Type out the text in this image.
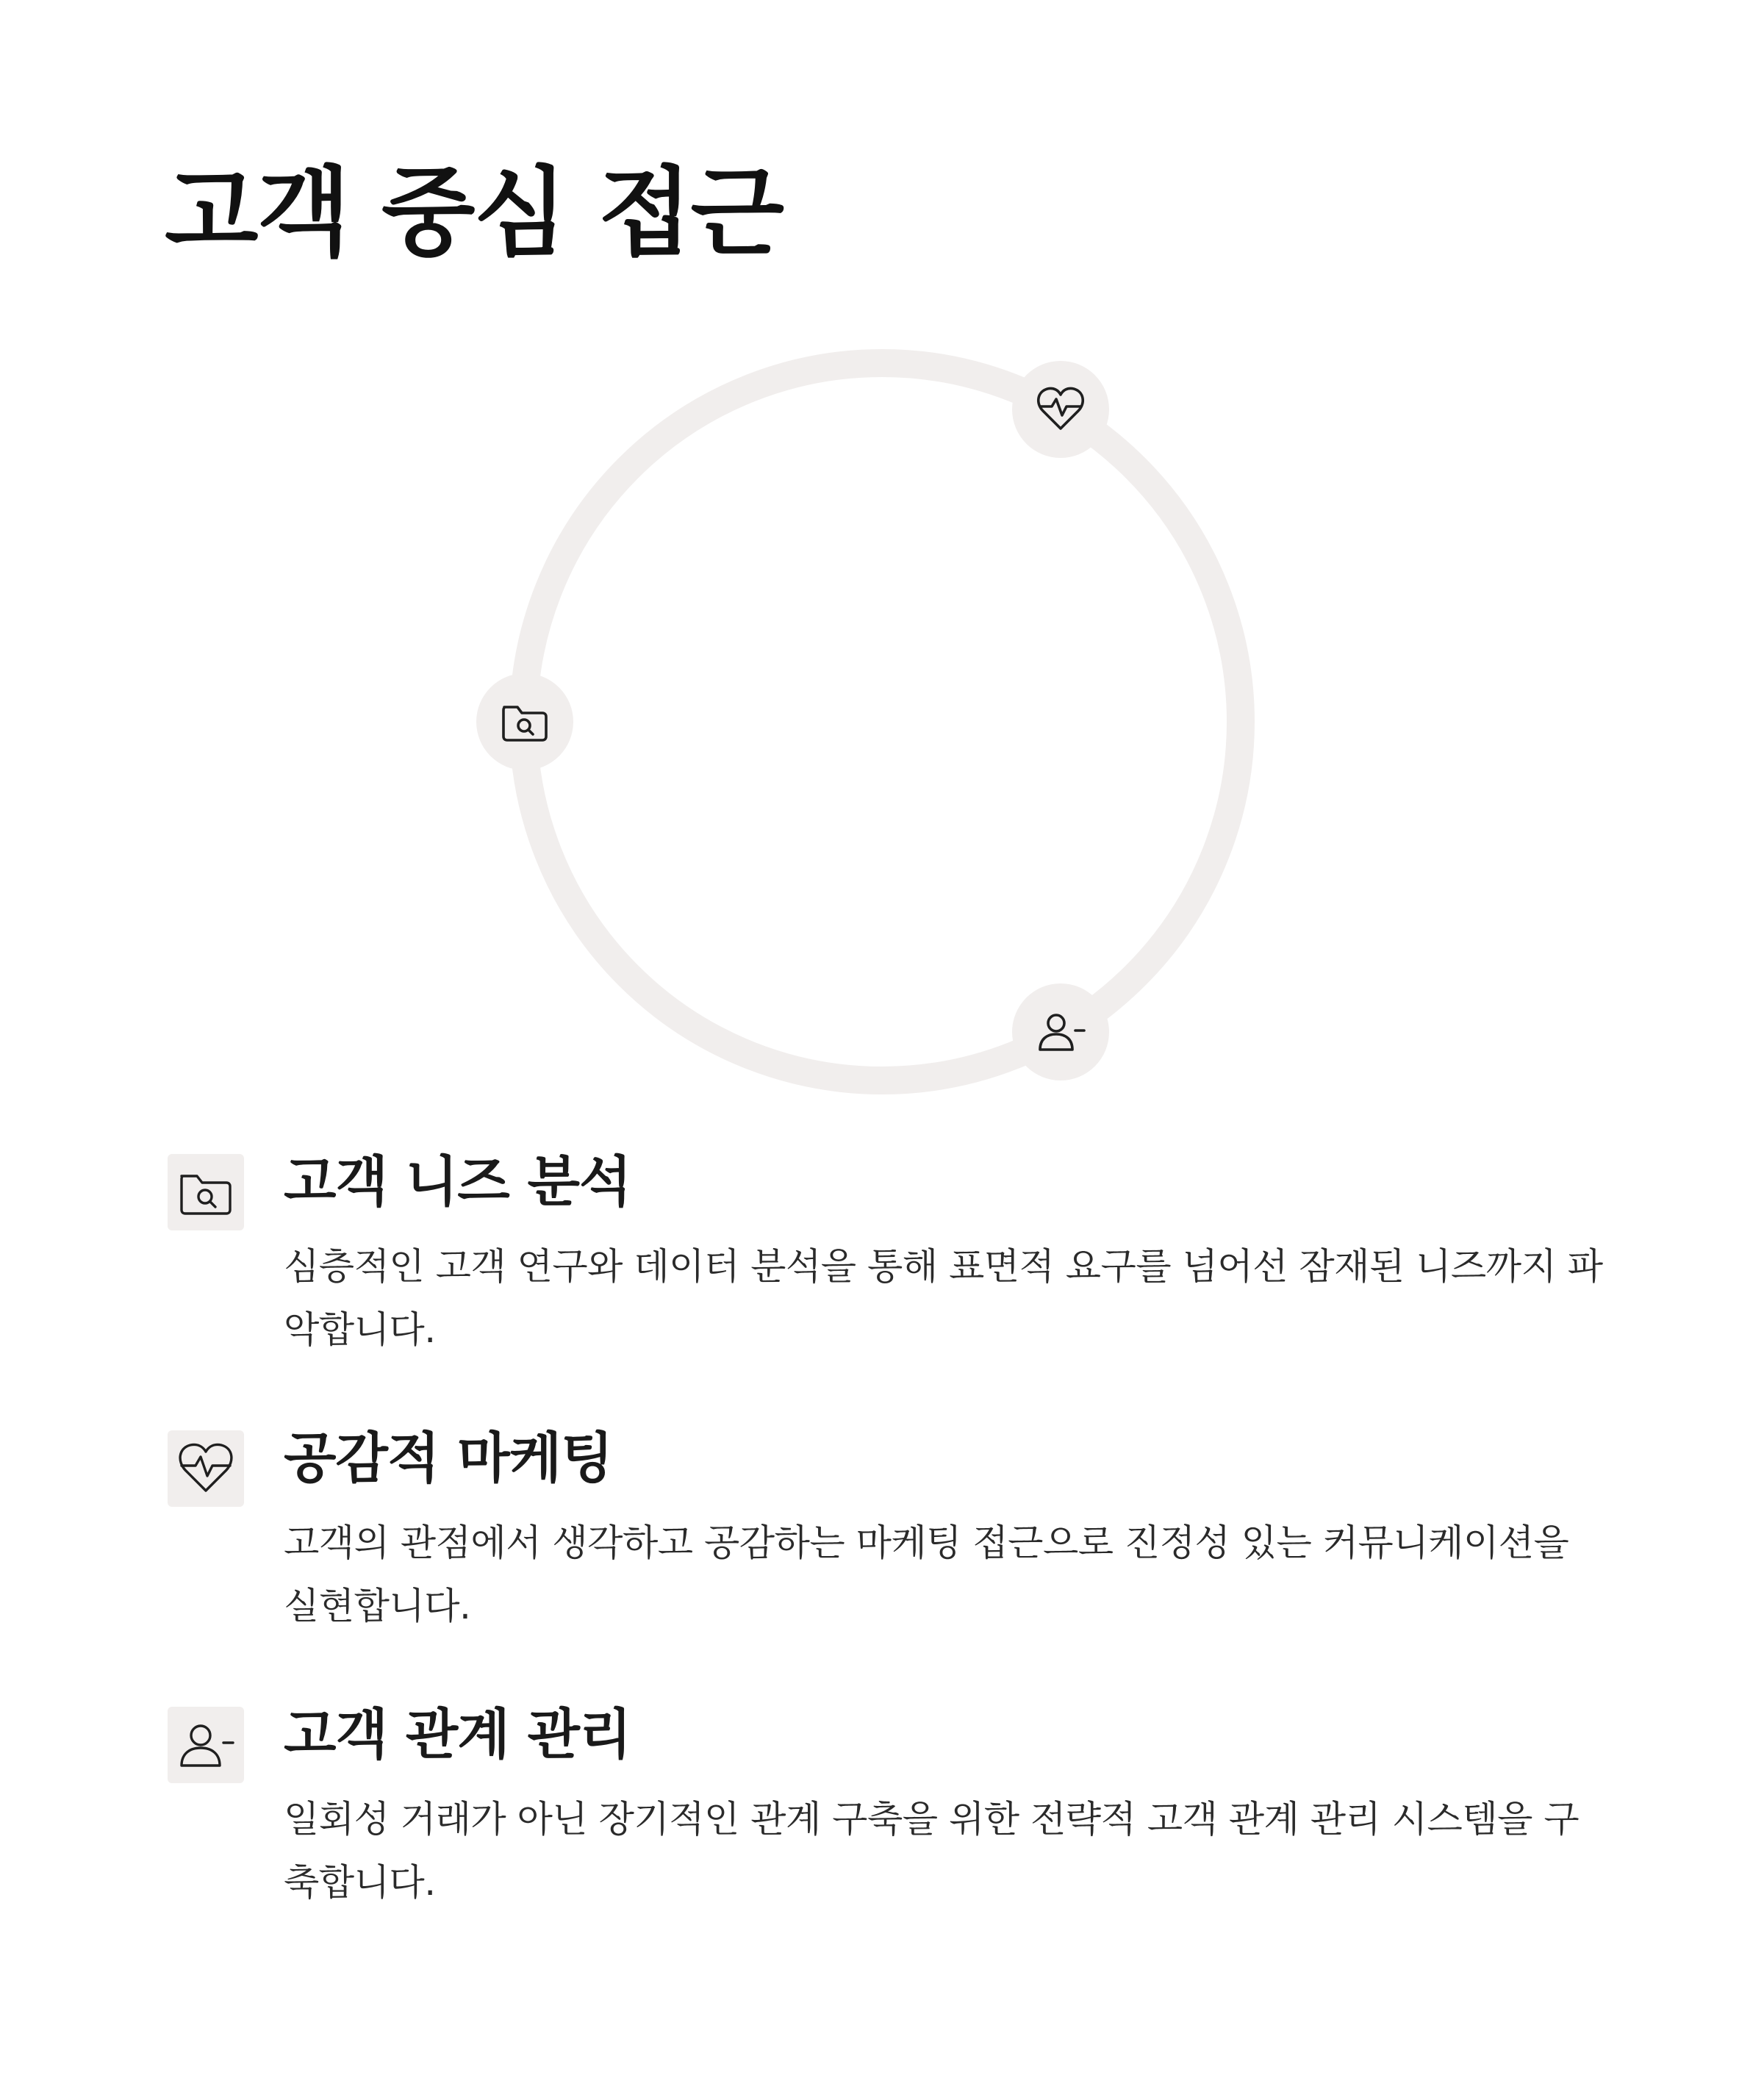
고객 중심 접근
고객 니즈 분석

심층적인 고객 연구와 데이터 분석을 통해 표면적 요구를 넘어선 잠재된 니즈까지 파악합니다.

공감적 마케팅

고객의 관점에서 생각하고 공감하는 마케팅 접근으로 진정성 있는 커뮤니케이션을 실현합니다.

고객 관계 관리

일회성 거래가 아닌 장기적인 관계 구축을 위한 전략적 고객 관계 관리 시스템을 구축합니다.
